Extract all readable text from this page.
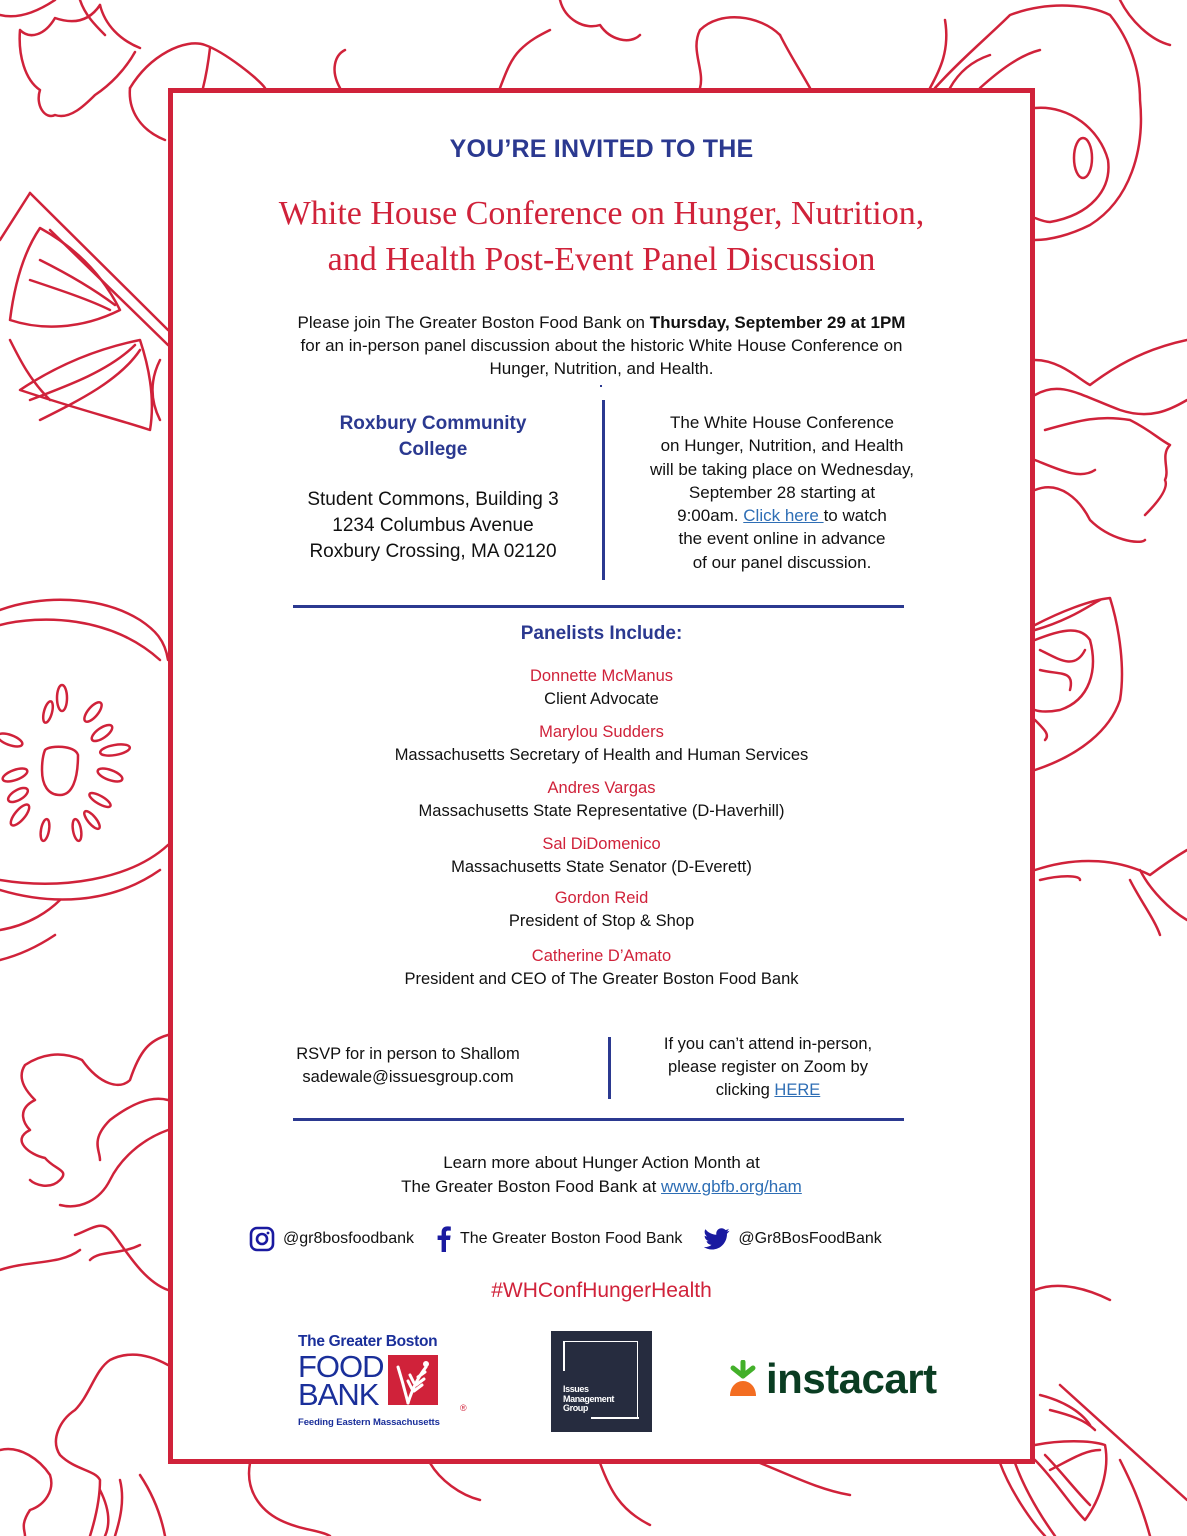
YOU’RE INVITED TO THE
White House Conference on Hunger, Nutrition,
and Health Post-Event Panel Discussion
Please join The Greater Boston Food Bank on Thursday, September 29 at 1PM
for an in-person panel discussion about the historic White House Conference on
Hunger, Nutrition, and Health.
Roxbury Community
College
Student Commons, Building 3
1234 Columbus Avenue
Roxbury Crossing, MA 02120
The White House Conference
on Hunger, Nutrition, and Health
will be taking place on Wednesday,
September 28 starting at
9:00am. Click here to watch
the event online in advance
of our panel discussion.
Panelists Include:
Donnette McManus
Client Advocate
Marylou Sudders
Massachusetts Secretary of Health and Human Services
Andres Vargas
Massachusetts State Representative (D-Haverhill)
Sal DiDomenico
Massachusetts State Senator (D-Everett)
Gordon Reid
President of Stop & Shop
Catherine D’Amato
President and CEO of The Greater Boston Food Bank
RSVP for in person to Shallom
sadewale@issuesgroup.com
If you can’t attend in-person,
please register on Zoom by
clicking HERE
Learn more about Hunger Action Month at
The Greater Boston Food Bank at www.gbfb.org/ham
@gr8bosfoodbank	The Greater Boston Food Bank	@Gr8BosFoodBank
#WHConfHungerHealth
The Greater Boston
FOOD
BANK	®
Feeding Eastern Massachusetts
Issues
Management
Group
instacart
